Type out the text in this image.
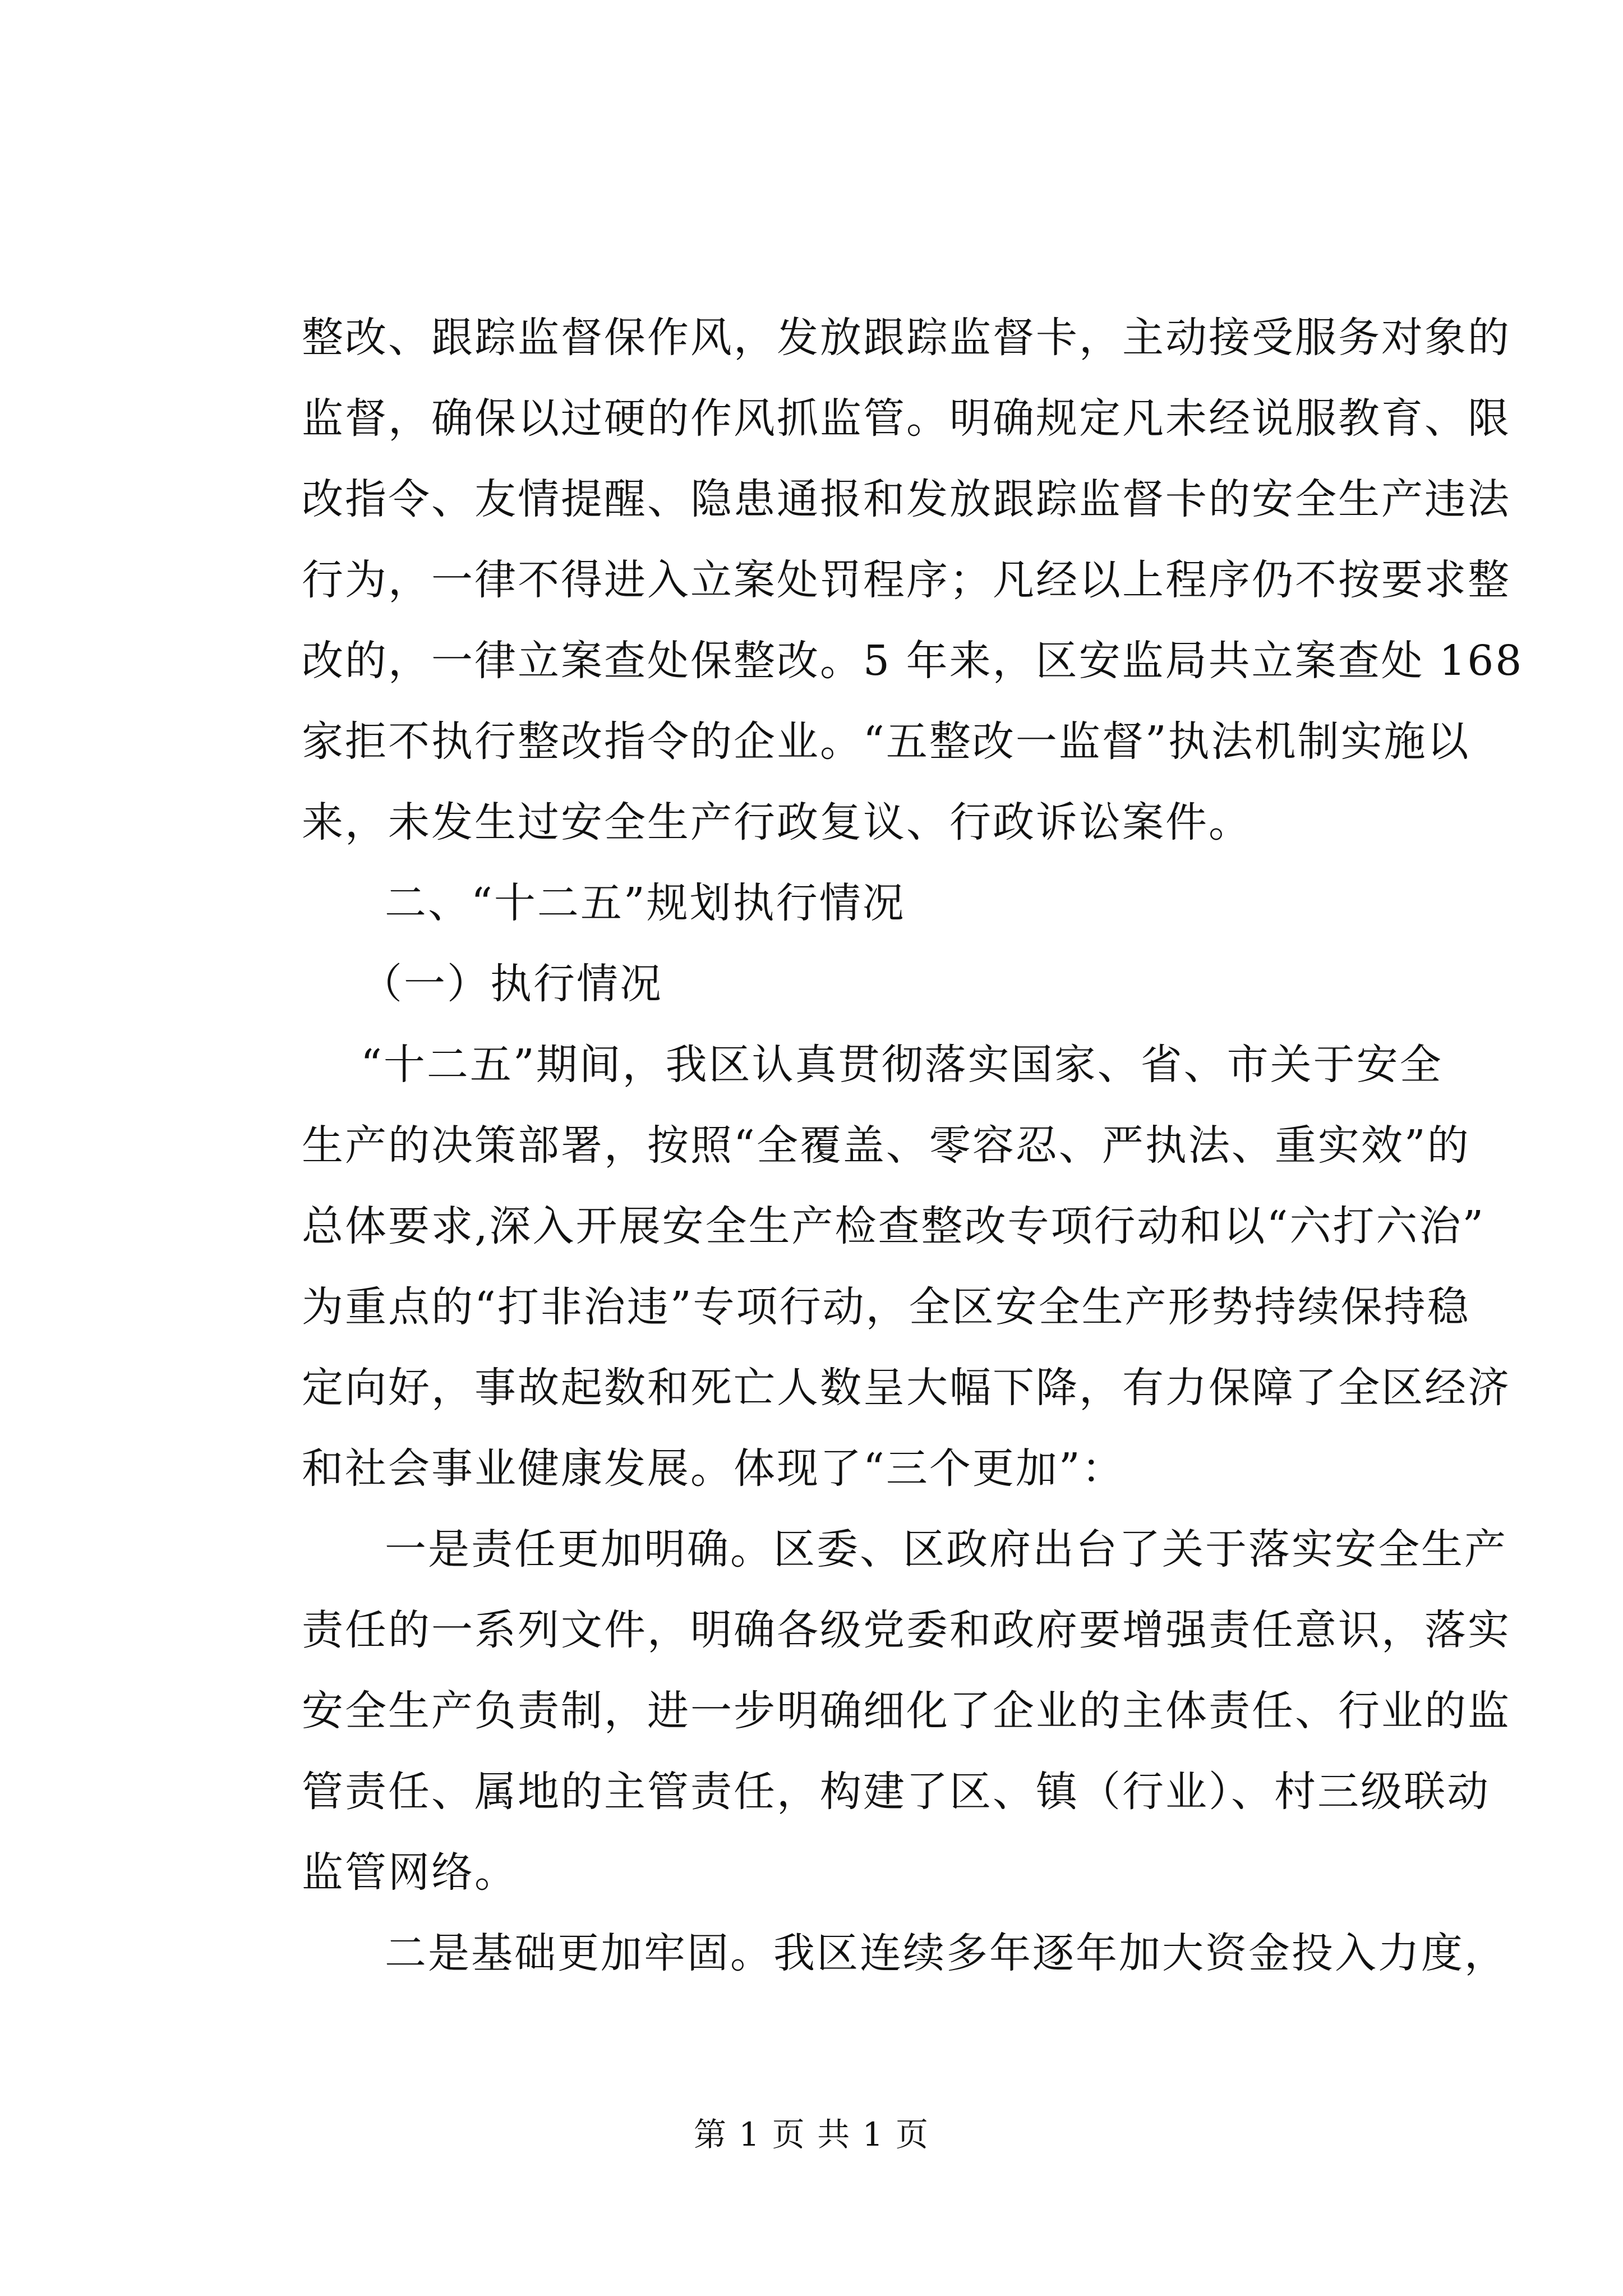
整改、跟踪监督保作风，发放跟踪监督卡，主动接受服务对象的
监督，确保以过硬的作风抓监管。明确规定凡未经说服教育、限
改指令、友情提醒、隐患通报和发放跟踪监督卡的安全生产违法
行为，一律不得进入立案处罚程序；凡经以上程序仍不按要求整
改的，一律立案查处保整改。5 年来，区安监局共立案查处 168
家拒不执行整改指令的企业。“五整改一监督”执法机制实施以
来，未发生过安全生产行政复议、行政诉讼案件。
二、“十二五”规划执行情况
（一）执行情况
“十二五”期间，我区认真贯彻落实国家、省、市关于安全
生产的决策部署，按照“全覆盖、零容忍、严执法、重实效”的
总体要求,深入开展安全生产检查整改专项行动和以“六打六治”
为重点的“打非治违”专项行动，全区安全生产形势持续保持稳
定向好，事故起数和死亡人数呈大幅下降，有力保障了全区经济
和社会事业健康发展。体现了“三个更加”：
一是责任更加明确。区委、区政府出台了关于落实安全生产
责任的一系列文件，明确各级党委和政府要增强责任意识，落实
安全生产负责制，进一步明确细化了企业的主体责任、行业的监
管责任、属地的主管责任，构建了区、镇（行业）、村三级联动
监管网络。
二是基础更加牢固。我区连续多年逐年加大资金投入力度，
第 1 页 共 1 页
